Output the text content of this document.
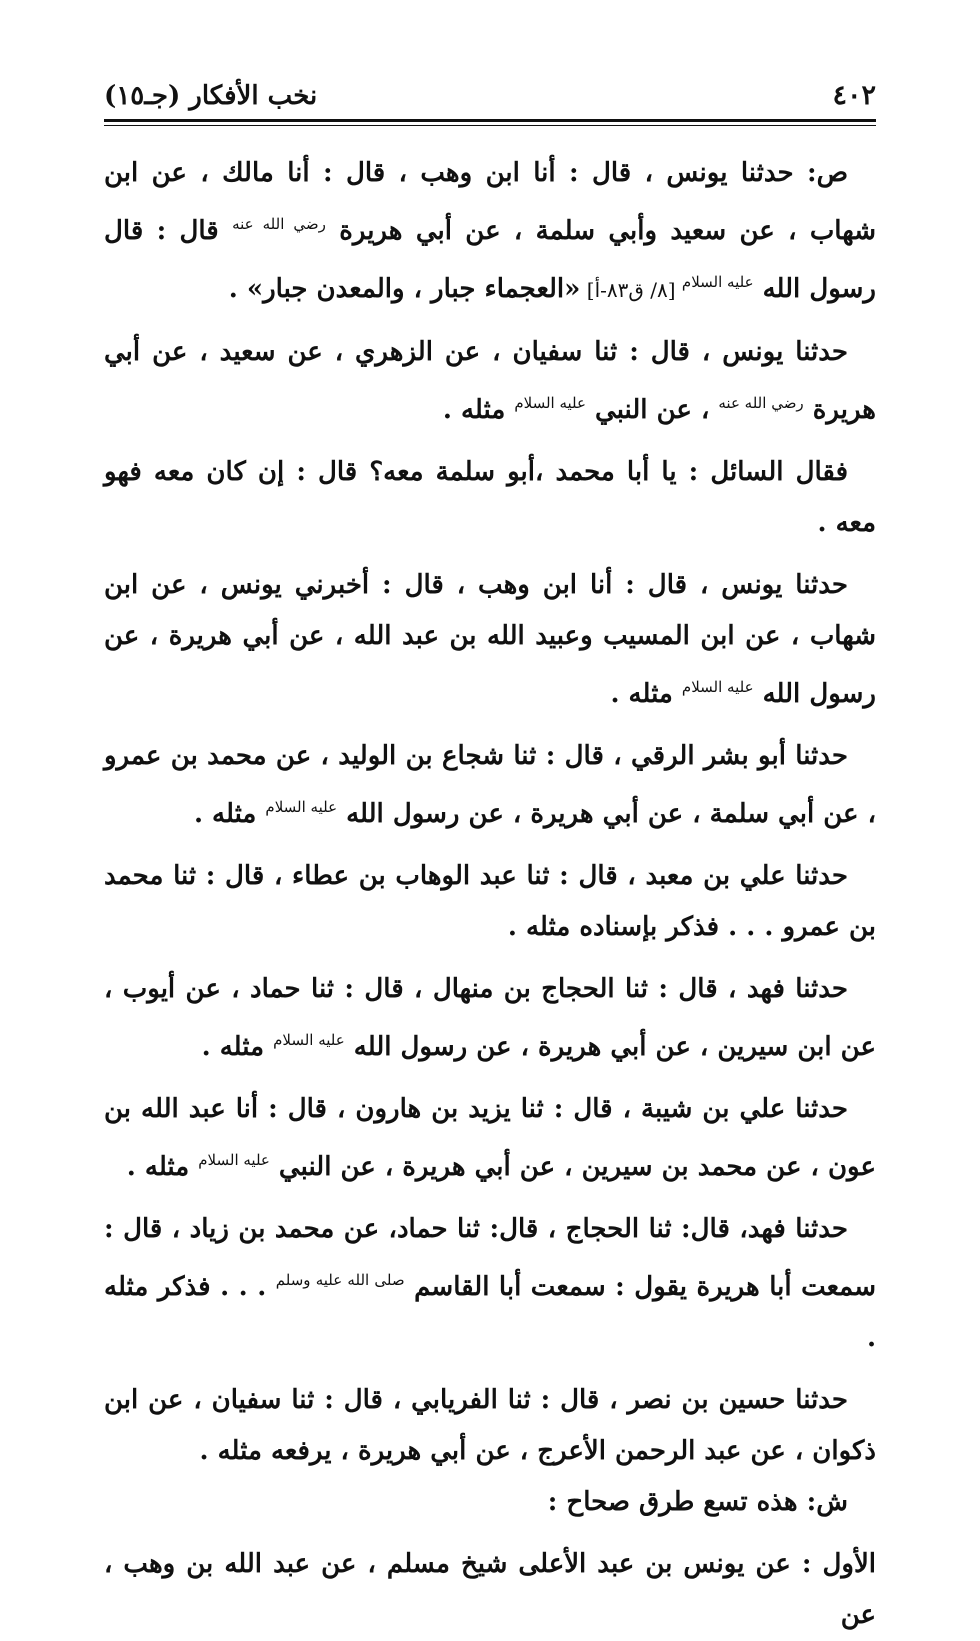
٤٠٢
نخب الأفكار (جـ١٥)

ص: حدثنا يونس ، قال : أنا ابن وهب ، قال : أنا مالك ، عن ابن شهاب ، عن سعيد وأبي سلمة ، عن أبي هريرة $^{رضي الله عنه}$ قال : قال رسول الله $^{عليه السلام}$ [٨/ ق٨٣-أ] «العجماء جبار ، والمعدن جبار» .

حدثنا يونس ، قال : ثنا سفيان ، عن الزهري ، عن سعيد ، عن أبي هريرة $^{رضي الله عنه}$ ، عن النبي $^{عليه السلام}$ مثله .

فقال السائل : يا أبا محمد ،أبو سلمة معه؟ قال : إن كان معه فهو معه .

حدثنا يونس ، قال : أنا ابن وهب ، قال : أخبرني يونس ، عن ابن شهاب ، عن ابن المسيب وعبيد الله بن عبد الله ، عن أبي هريرة ، عن رسول الله $^{عليه السلام}$ مثله .

حدثنا أبو بشر الرقي ، قال : ثنا شجاع بن الوليد ، عن محمد بن عمرو ، عن أبي سلمة ، عن أبي هريرة ، عن رسول الله $^{عليه السلام}$ مثله .

حدثنا علي بن معبد ، قال : ثنا عبد الوهاب بن عطاء ، قال : ثنا محمد بن عمرو . . . فذكر بإسناده مثله .

حدثنا فهد ، قال : ثنا الحجاج بن منهال ، قال : ثنا حماد ، عن أيوب ، عن ابن سيرين ، عن أبي هريرة ، عن رسول الله $^{عليه السلام}$ مثله .

حدثنا علي بن شيبة ، قال : ثنا يزيد بن هارون ، قال : أنا عبد الله بن عون ، عن محمد بن سيرين ، عن أبي هريرة ، عن النبي $^{عليه السلام}$ مثله .

حدثنا فهد، قال: ثنا الحجاج ، قال: ثنا حماد، عن محمد بن زياد ، قال : سمعت أبا هريرة يقول : سمعت أبا القاسم $^{صلى الله عليه وسلم}$ . . . فذكر مثله .

حدثنا حسين بن نصر ، قال : ثنا الفريابي ، قال : ثنا سفيان ، عن ابن ذكوان ، عن عبد الرحمن الأعرج ، عن أبي هريرة ، يرفعه مثله .

ش: هذه تسع طرق صحاح :

الأول : عن يونس بن عبد الأعلى شيخ مسلم ، عن عبد الله بن وهب ، عن
